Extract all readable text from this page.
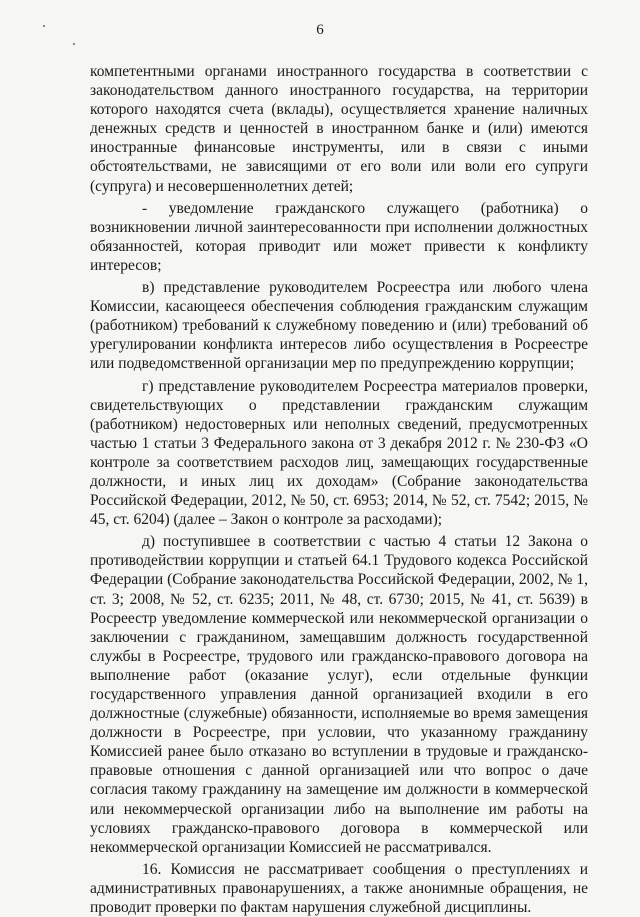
6

компетентными органами иностранного государства в соответствии с законодательством данного иностранного государства, на территории которого находятся счета (вклады), осуществляется хранение наличных денежных средств и ценностей в иностранном банке и (или) имеются иностранные финансовые инструменты, или в связи с иными обстоятельствами, не зависящими от его воли или воли его супруги (супруга) и несовершеннолетних детей;

- уведомление гражданского служащего (работника) о возникновении личной заинтересованности при исполнении должностных обязанностей, которая приводит или может привести к конфликту интересов;

в) представление руководителем Росреестра или любого члена Комиссии, касающееся обеспечения соблюдения гражданским служащим (работником) требований к служебному поведению и (или) требований об урегулировании конфликта интересов либо осуществления в Росреестре или подведомственной организации мер по предупреждению коррупции;

г) представление руководителем Росреестра материалов проверки, свидетельствующих о представлении гражданским служащим (работником) недостоверных или неполных сведений, предусмотренных частью 1 статьи 3 Федерального закона от 3 декабря 2012 г. № 230-ФЗ «О контроле за соответствием расходов лиц, замещающих государственные должности, и иных лиц их доходам» (Собрание законодательства Российской Федерации, 2012, № 50, ст. 6953; 2014, № 52, ст. 7542; 2015, № 45, ст. 6204) (далее – Закон о контроле за расходами);

д) поступившее в соответствии с частью 4 статьи 12 Закона о противодействии коррупции и статьей 64.1 Трудового кодекса Российской Федерации (Собрание законодательства Российской Федерации, 2002, № 1, ст. 3; 2008, № 52, ст. 6235; 2011, № 48, ст. 6730; 2015, № 41, ст. 5639) в Росреестр уведомление коммерческой или некоммерческой организации о заключении с гражданином, замещавшим должность государственной службы в Росреестре, трудового или гражданско-правового договора на выполнение работ (оказание услуг), если отдельные функции государственного управления данной организацией входили в его должностные (служебные) обязанности, исполняемые во время замещения должности в Росреестре, при условии, что указанному гражданину Комиссией ранее было отказано во вступлении в трудовые и гражданско-правовые отношения с данной организацией или что вопрос о даче согласия такому гражданину на замещение им должности в коммерческой или некоммерческой организации либо на выполнение им работы на условиях гражданско-правового договора в коммерческой или некоммерческой организации Комиссией не рассматривался.

16. Комиссия не рассматривает сообщения о преступлениях и административных правонарушениях, а также анонимные обращения, не проводит проверки по фактам нарушения служебной дисциплины.
